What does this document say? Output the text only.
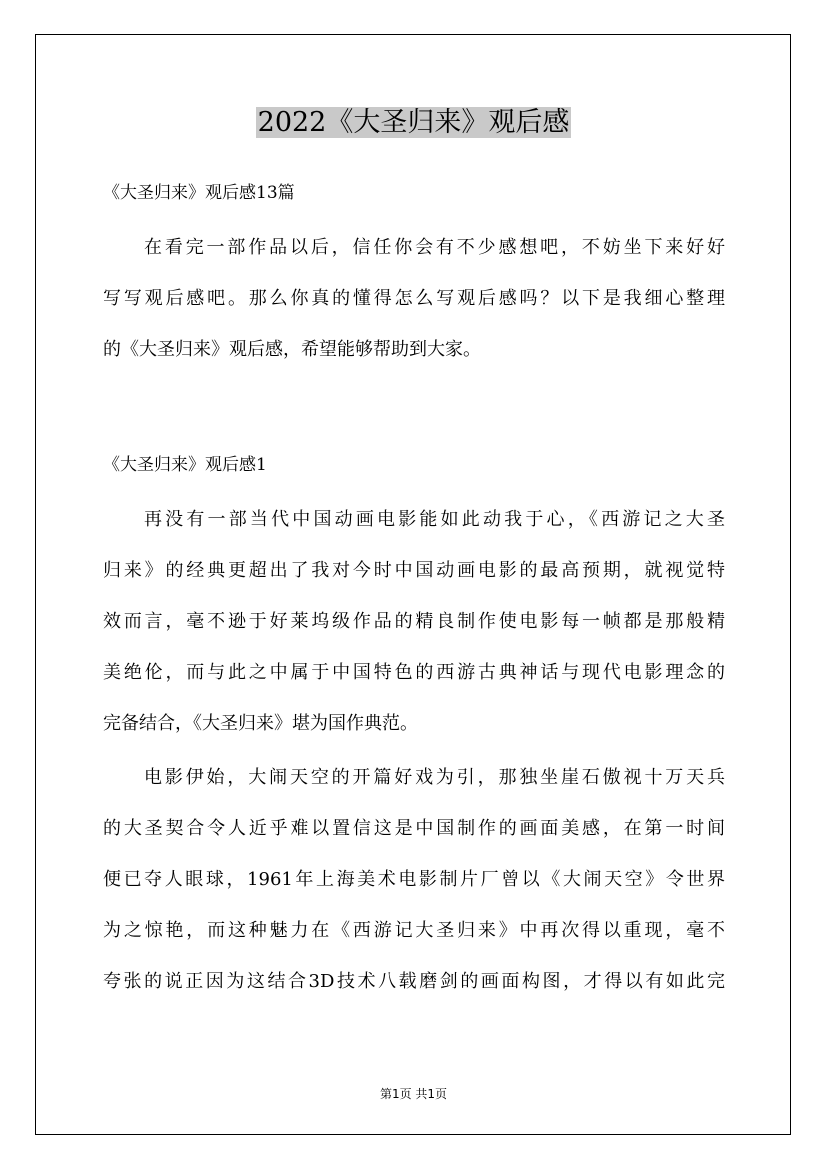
2022《大圣归来》观后感
《大圣归来》观后感13篇
在看完一部作品以后，信任你会有不少感想吧，不妨坐下来好好
写写观后感吧。那么你真的懂得怎么写观后感吗？以下是我细心整理
的《大圣归来》观后感，希望能够帮助到大家。
《大圣归来》观后感1
再没有一部当代中国动画电影能如此动我于心，《西游记之大圣
归来》的经典更超出了我对今时中国动画电影的最高预期，就视觉特
效而言，毫不逊于好莱坞级作品的精良制作使电影每一帧都是那般精
美绝伦，而与此之中属于中国特色的西游古典神话与现代电影理念的
完备结合，《大圣归来》堪为国作典范。
电影伊始，大闹天空的开篇好戏为引，那独坐崖石傲视十万天兵
的大圣契合令人近乎难以置信这是中国制作的画面美感，在第一时间
便已夺人眼球，1961年上海美术电影制片厂曾以《大闹天空》令世界
为之惊艳，而这种魅力在《西游记大圣归来》中再次得以重现，毫不
夸张的说正因为这结合3D技术八载磨剑的画面构图，才得以有如此完
第1页 共1页
